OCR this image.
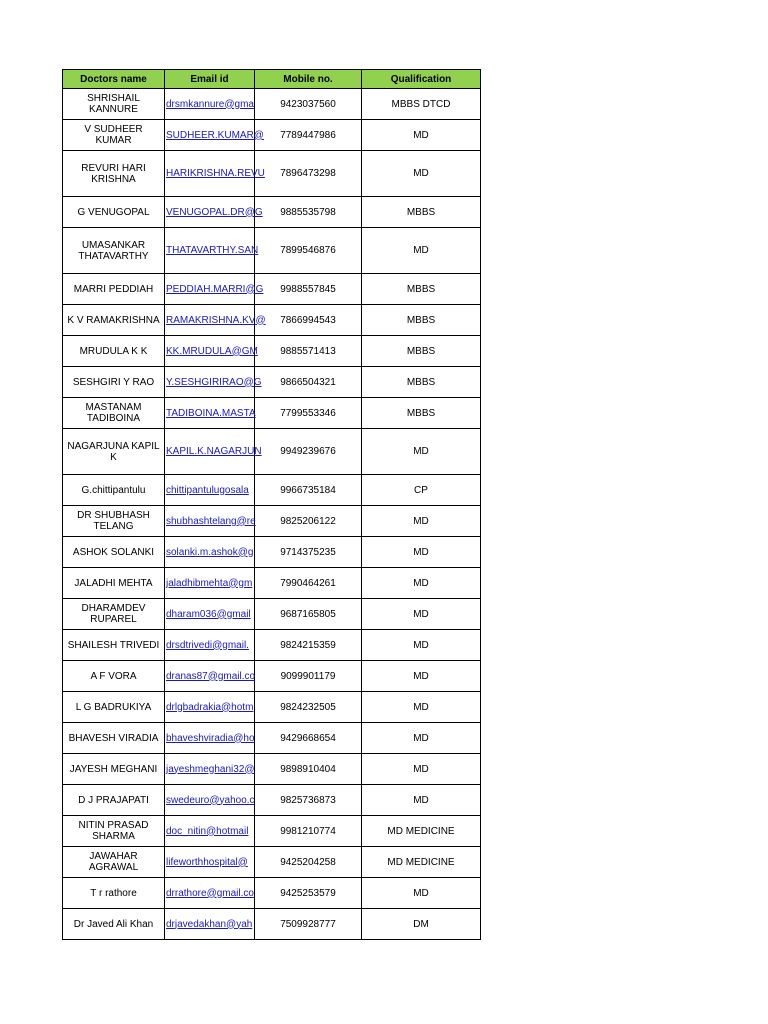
Doctors name	Email id	Mobile no.	Qualification
SHRISHAIL KANNURE	drsmkannure@gma	9423037560	MBBS DTCD
V SUDHEER KUMAR	SUDHEER.KUMAR@	7789447986	MD
REVURI HARI KRISHNA	HARIKRISHNA.REVU	7896473298	MD
G VENUGOPAL	VENUGOPAL.DR@G	9885535798	MBBS
UMASANKAR THATAVARTHY	THATAVARTHY.SAN	7899546876	MD
MARRI PEDDIAH	PEDDIAH.MARRI@G	9988557845	MBBS
K V RAMAKRISHNA	RAMAKRISHNA.KV@	7866994543	MBBS
MRUDULA K K	KK.MRUDULA@GM	9885571413	MBBS
SESHGIRI Y RAO	Y.SESHGIRIRAO@G	9866504321	MBBS
MASTANAM TADIBOINA	TADIBOINA.MASTA	7799553346	MBBS
NAGARJUNA KAPIL K	KAPIL.K.NAGARJUN	9949239676	MD
G.chittipantulu	chittipantulugosala	9966735184	CP
DR SHUBHASH TELANG	shubhashtelang@re	9825206122	MD
ASHOK SOLANKI	solanki.m.ashok@g	9714375235	MD
JALADHI MEHTA	jaladhibmehta@gm	7990464261	MD
DHARAMDEV RUPAREL	dharam036@gmail	9687165805	MD
SHAILESH TRIVEDI	drsdtrivedi@gmail.	9824215359	MD
A F VORA	dranas87@gmail.co	9099901179	MD
L G BADRUKIYA	drlgbadrakia@hotm	9824232505	MD
BHAVESH VIRADIA	bhaveshviradia@ho	9429668654	MD
JAYESH MEGHANI	jayeshmeghani32@	9898910404	MD
D J PRAJAPATI	swedeuro@yahoo.c	9825736873	MD
NITIN PRASAD SHARMA	doc_nitin@hotmail	9981210774	MD MEDICINE
JAWAHAR AGRAWAL	lifeworthhospital@	9425204258	MD MEDICINE
T r rathore	drrathore@gmail.co	9425253579	MD
Dr Javed Ali Khan	drjavedakhan@yah	7509928777	DM
